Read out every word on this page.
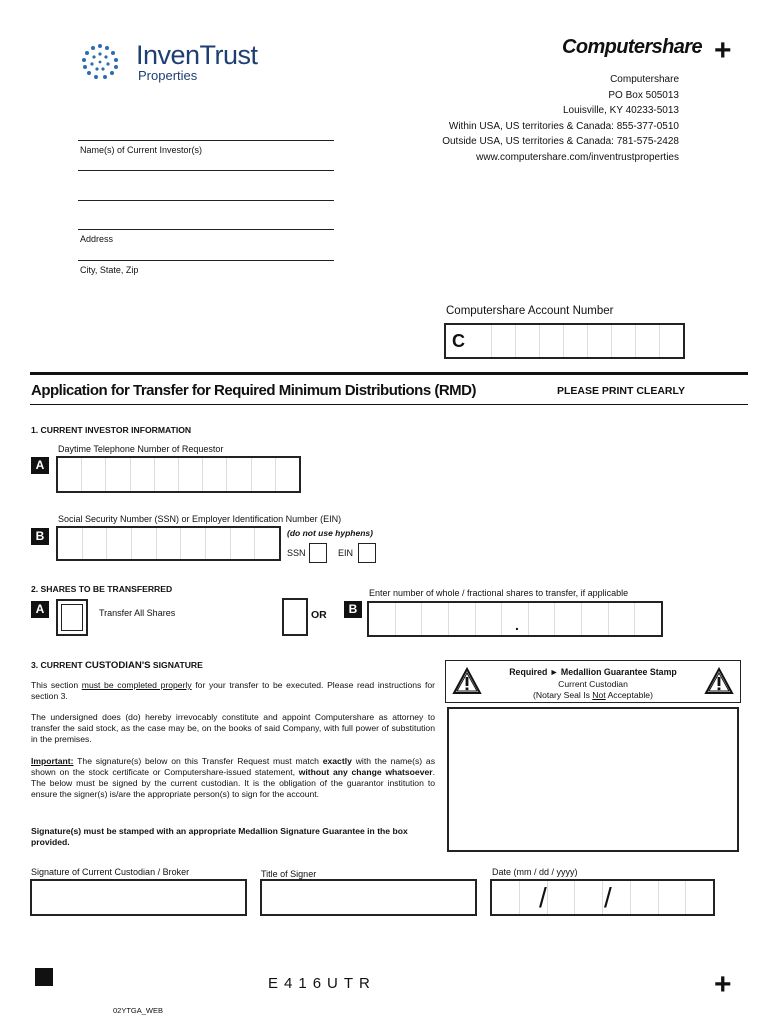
InvenTrust
Properties
Computershare +
Computershare
PO Box 505013
Louisville, KY 40233-5013
Within USA, US territories & Canada: 855-377-0510
Outside USA, US territories & Canada: 781-575-2428
www.computershare.com/inventrustproperties
Name(s) of Current Investor(s)
Address
City, State, Zip
Computershare Account Number
C
Application for Transfer for Required Minimum Distributions (RMD)	PLEASE PRINT CLEARLY
1. CURRENT INVESTOR INFORMATION
Daytime Telephone Number of Requestor
A
Social Security Number (SSN) or Employer Identification Number (EIN)
B	(do not use hyphens)
SSN	EIN
2. SHARES TO BE TRANSFERRED
A	Transfer All Shares	OR	B
Enter number of whole / fractional shares to transfer, if applicable
.
3. CURRENT CUSTODIAN'S SIGNATURE
This section must be completed properly for your transfer to be executed. Please read instructions for section 3.
The undersigned does (do) hereby irrevocably constitute and appoint Computershare as attorney to transfer the said stock, as the case may be, on the books of said Company, with full power of substitution in the premises.
Important: The signature(s) below on this Transfer Request must match exactly with the name(s) as shown on the stock certificate or Computershare-issued statement, without any change whatsoever. The below must be signed by the current custodian. It is the obligation of the guarantor institution to ensure the signer(s) is/are the appropriate person(s) to sign for the account.
Signature(s) must be stamped with an appropriate Medallion Signature Guarantee in the box provided.
Required ► Medallion Guarantee Stamp
Current Custodian
(Notary Seal Is Not Acceptable)
Signature of Current Custodian / Broker	Title of Signer	Date (mm / dd / yyyy)
/ /
E416UTR	+
02YTGA_WEB
